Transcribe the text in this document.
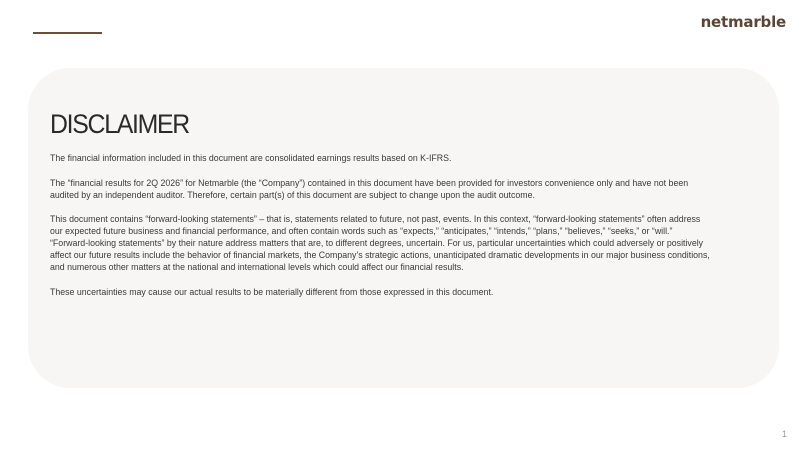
netmarble
DISCLAIMER

The financial information included in this document are consolidated earnings results based on K-IFRS.

The “financial results for 2Q 2026” for Netmarble (the “Company”) contained in this document have been provided for investors convenience only and have not been
audited by an independent auditor. Therefore, certain part(s) of this document are subject to change upon the audit outcome.

This document contains “forward-looking statements” – that is, statements related to future, not past, events. In this context, “forward-looking statements” often address
our expected future business and financial performance, and often contain words such as “expects,” “anticipates,” “intends,” “plans,” “believes,” “seeks,” or “will.”
“Forward-looking statements” by their nature address matters that are, to different degrees, uncertain. For us, particular uncertainties which could adversely or positively
affect our future results include the behavior of financial markets, the Company’s strategic actions, unanticipated dramatic developments in our major business conditions,
and numerous other matters at the national and international levels which could affect our financial results.

These uncertainties may cause our actual results to be materially different from those expressed in this document.

1
